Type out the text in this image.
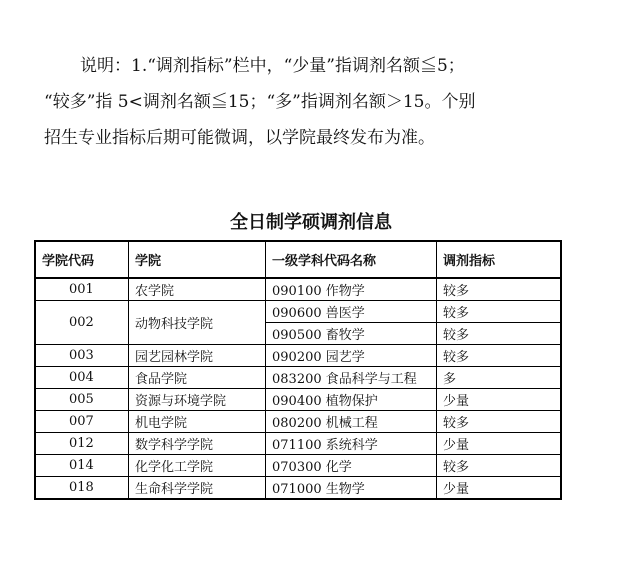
说明：1.“调剂指标”栏中，“少量”指调剂名额≦5；

“较多”指 5<调剂名额≦15；“多”指调剂名额＞15。个别

招生专业指标后期可能微调，以学院最终发布为准。

全日制学硕调剂信息
学院代码	学院	一级学科代码名称	调剂指标
001	农学院	090100 作物学	较多
002	动物科技学院	090600 兽医学	较多
		090500 畜牧学	较多
003	园艺园林学院	090200 园艺学	较多
004	食品学院	083200 食品科学与工程	多
005	资源与环境学院	090400 植物保护	少量
007	机电学院	080200 机械工程	较多
012	数学科学学院	071100 系统科学	少量
014	化学化工学院	070300 化学	较多
018	生命科学学院	071000 生物学	少量
